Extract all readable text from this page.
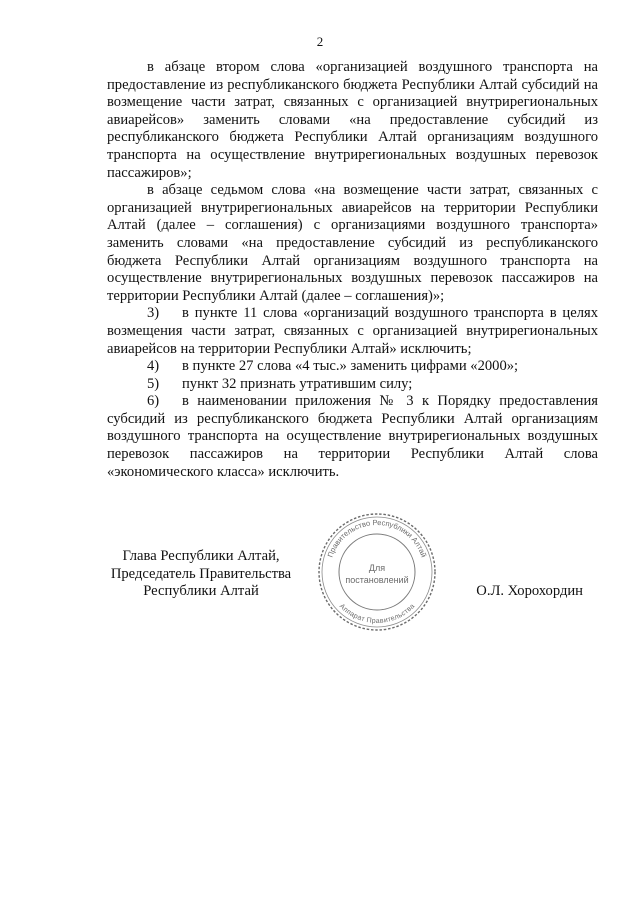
2

в абзаце втором слова «организацией воздушного транспорта на предоставление из республиканского бюджета Республики Алтай субсидий на возмещение части затрат, связанных с организацией внутрирегиональных авиарейсов» заменить словами «на предоставление субсидий из республиканского бюджета Республики Алтай организациям воздушного транспорта на осуществление внутрирегиональных воздушных перевозок пассажиров»;

в абзаце седьмом слова «на возмещение части затрат, связанных с организацией внутрирегиональных авиарейсов на территории Республики Алтай (далее – соглашения) с организациями воздушного транспорта» заменить словами «на предоставление субсидий из республиканского бюджета Республики Алтай организациям воздушного транспорта на осуществление внутрирегиональных воздушных перевозок пассажиров на территории Республики Алтай (далее – соглашения)»;

3) в пункте 11 слова «организаций воздушного транспорта в целях возмещения части затрат, связанных с организацией внутрирегиональных авиарейсов на территории Республики Алтай» исключить;

4) в пункте 27 слова «4 тыс.» заменить цифрами «2000»;

5) пункт 32 признать утратившим силу;

6) в наименовании приложения № 3 к Порядку предоставления субсидий из республиканского бюджета Республики Алтай организациям воздушного транспорта на осуществление внутрирегиональных воздушных перевозок пассажиров на территории Республики Алтай слова «экономического класса» исключить.

Глава Республики Алтай,
Председатель Правительства
Республики Алтай
Правительство Республики Алтай
Аппарат Правительства
Для
постановлений
О.Л. Хорохордин
